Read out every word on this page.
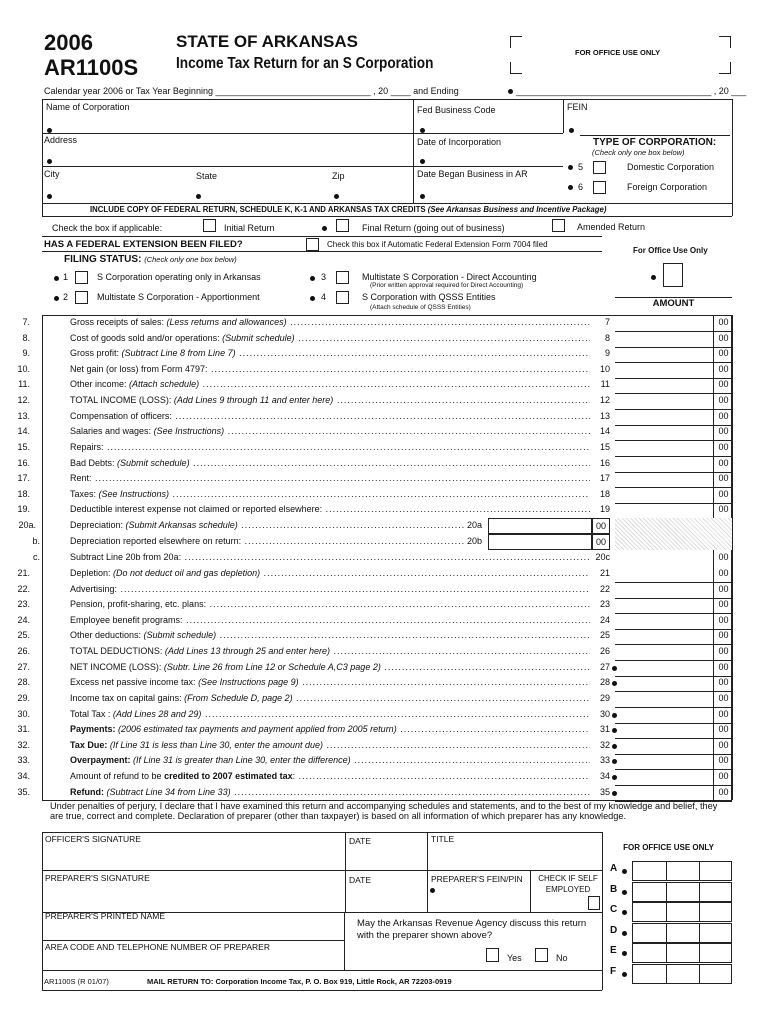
2006
AR1100S
STATE OF ARKANSAS
Income Tax Return for an S Corporation
FOR OFFICE USE ONLY
Calendar year 2006 or Tax Year Beginning _______________________________ , 20 ____ and Ending	_______________________________________ , 20 ___
Name of Corporation	Fed Business Code	FEIN
Address	Date of Incorporation
City	State	Zip	Date Began Business in AR
TYPE OF CORPORATION:
(Check only one box below)
5	Domestic Corporation
6	Foreign Corporation
INCLUDE COPY OF FEDERAL RETURN, SCHEDULE K, K-1 AND ARKANSAS TAX CREDITS (See Arkansas Business and Incentive Package)
Check the box if applicable:	Initial Return	Final Return (going out of business)	Amended Return
HAS A FEDERAL EXTENSION BEEN FILED?	Check this box if Automatic Federal Extension Form 7004 filed
For Office Use Only
AMOUNT
FILING STATUS: (Check only one box below)
1	S Corporation operating only in Arkansas
2	Multistate S Corporation - Apportionment
3	Multistate S Corporation - Direct Accounting
(Prior written approval required for Direct Accounting)
4	S Corporation with QSSS Entities
(Attach schedule of QSSS Entities)
7.	Gross receipts of sales: (Less returns and allowances) .....	7	00
8.	Cost of goods sold and/or operations: (Submit schedule) .....	8	00
9.	Gross profit: (Subtract Line 8 from Line 7) .....	9	00
10.	Net gain (or loss) from Form 4797: .....	10	00
11.	Other income: (Attach schedule) .....	11	00
12.	TOTAL INCOME (LOSS): (Add Lines 9 through 11 and enter here) .....	12	00
13.	Compensation of officers: .....	13	00
14.	Salaries and wages: (See Instructions) .....	14	00
15.	Repairs: .....	15	00
16.	Bad Debts: (Submit schedule) .....	16	00
17.	Rent: .....	17	00
18.	Taxes: (See Instructions) .....	18	00
19.	Deductible interest expense not claimed or reported elsewhere: .....	19	00
20a.	Depreciation: (Submit Arkansas schedule) .....	20a	00
b.	Depreciation reported elsewhere on return: .....	20b	00
c.	Subtract Line 20b from 20a: .....	20c	00
21.	Depletion: (Do not deduct oil and gas depletion) .....	21	00
22.	Advertising: .....	22	00
23.	Pension, profit-sharing, etc. plans: .....	23	00
24.	Employee benefit programs: .....	24	00
25.	Other deductions: (Submit schedule) .....	25	00
26.	TOTAL DEDUCTIONS: (Add Lines 13 through 25 and enter here) .....	26	00
27.	NET INCOME (LOSS): (Subtr. Line 26 from Line 12 or Schedule A,C3 page 2) .....	27	00
28.	Excess net passive income tax: (See Instructions page 9) .....	28	00
29.	Income tax on capital gains: (From Schedule D, page 2) .....	29	00
30.	Total Tax : (Add Lines 28 and 29) .....	30	00
31.	Payments: (2006 estimated tax payments and payment applied from 2005 return) .....	31	00
32.	Tax Due: (If Line 31 is less than Line 30, enter the amount due) .....	32	00
33.	Overpayment: (If Line 31 is greater than Line 30, enter the difference) .....	33	00
34.	Amount of refund to be credited to 2007 estimated tax: .....	34	00
35.	Refund: (Subtract Line 34 from Line 33) .....	35	00
Under penalties of perjury, I declare that I have examined this return and accompanying schedules and statements, and to the best of my knowledge and belief, they are true, correct and complete. Declaration of preparer (other than taxpayer) is based on all information of which preparer has any knowledge.
OFFICER'S SIGNATURE	DATE	TITLE
PREPARER'S SIGNATURE	DATE	PREPARER'S FEIN/PIN	CHECK IF SELF EMPLOYED
PREPARER'S PRINTED NAME
May the Arkansas Revenue Agency discuss this return with the preparer shown above?
AREA CODE AND TELEPHONE NUMBER OF PREPARER
Yes	No
FOR OFFICE USE ONLY
A
B
C
D
E
F
AR1100S (R 01/07)	MAIL RETURN TO: Corporation Income Tax, P. O. Box 919, Little Rock, AR 72203-0919
